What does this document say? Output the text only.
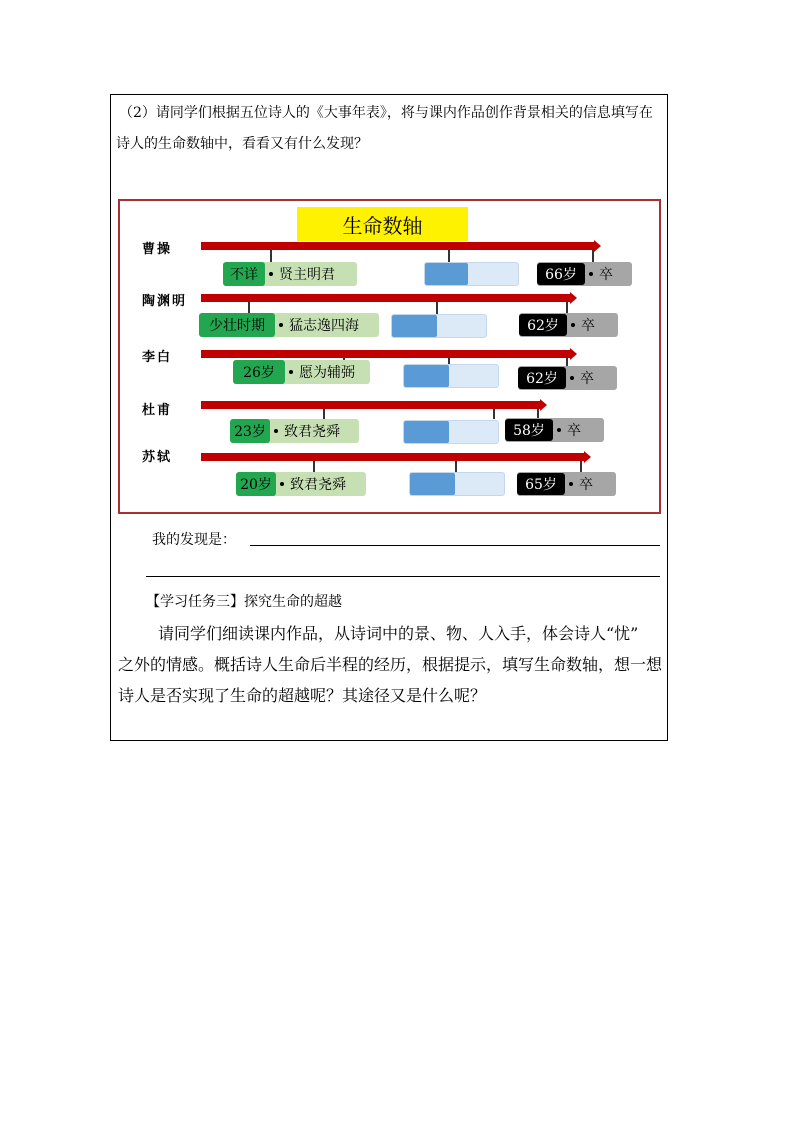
（2）请同学们根据五位诗人的《大事年表》，将与课内作品创作背景相关的信息填写在
诗人的生命数轴中，看看又有什么发现？
生命数轴
曹操
不详	贤主明君	66岁	卒
陶渊明
少壮时期	猛志逸四海	62岁	卒
李白
26岁	愿为辅弼	62岁	卒
杜甫
23岁 致君尧舜	58岁	卒
苏轼
20岁 致君尧舜	65岁	卒
我的发现是：
【学习任务三】探究生命的超越
请同学们细读课内作品，从诗词中的景、物、人入手，体会诗人“忧”
之外的情感。概括诗人生命后半程的经历，根据提示，填写生命数轴，想一想
诗人是否实现了生命的超越呢？其途径又是什么呢？
